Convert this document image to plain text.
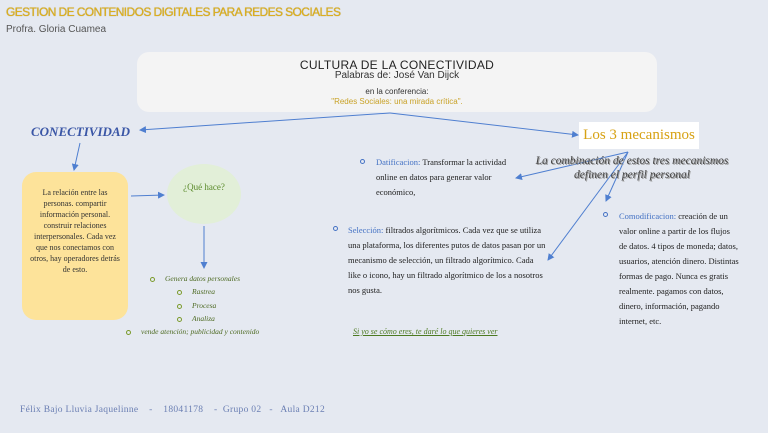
GESTION DE CONTENIDOS DIGITALES PARA REDES SOCIALES
Profra. Gloria Cuamea
CULTURA DE LA CONECTIVIDAD
Palabras de: José Van Dijck
en la conferencia:
"Redes Sociales: una mirada crítica".
CONECTIVIDAD	Los 3 mecanismos
La combinación de estos tres mecanismos definen el perfil personal
La relación entre las personas. compartir información personal. construir relaciones interpersonales. Cada vez que nos conectamos con otros, hay operadores detrás de esto.
¿Qué hace?
Genera datos personales
Rastrea
Procesa
Analiza
vende atención; publicidad y contenido
Datificacion: Transformar la actividad online en datos para generar valor económico,
Selección: filtrados algorítmicos. Cada vez que se utiliza una plataforma, los diferentes putos de datos pasan por un mecanismo de selección, un filtrado algorítmico. Cada like o icono, hay un filtrado algorítmico de los a nosotros nos gusta.
Si yo se cómo eres, te daré lo que quieres ver
Comodificacion: creación de un valor online a partir de los flujos de datos. 4 tipos de moneda; datos, usuarios, atención dinero. Distintas formas de pago. Nunca es gratis realmente. pagamos con datos, dinero, información, pagando internet, etc.
Félix Bajo Lluvia Jaquelinne    -    18041178    -  Grupo 02   -   Aula D212
